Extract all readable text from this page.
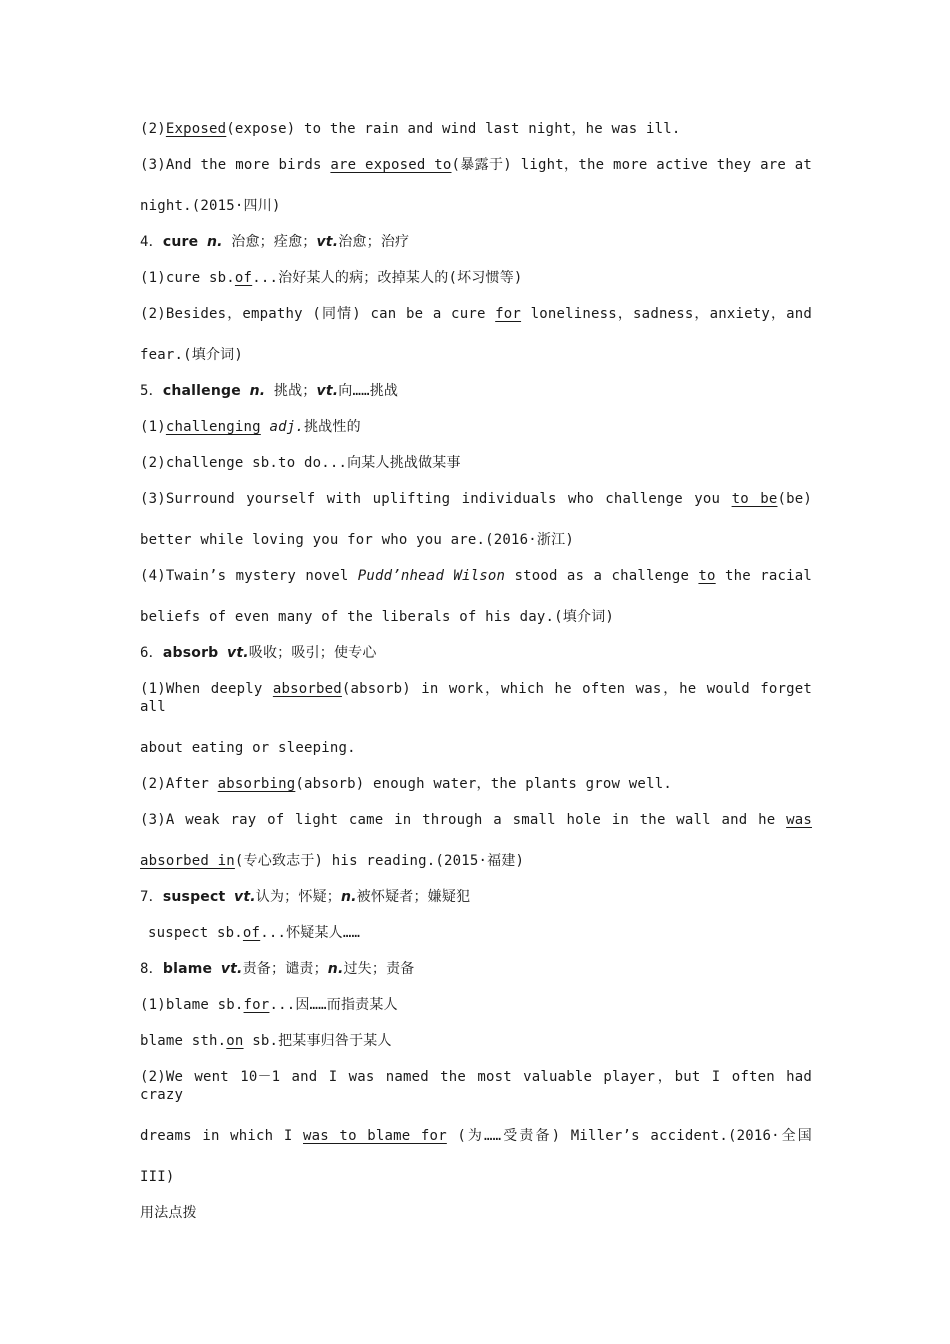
(2)Exposed(expose) to the rain and wind last night，he was ill.
(3)And the more birds are exposed to(暴露于) light，the more active they are at
night.(2015·四川)
4．cure n. 治愈；痊愈；vt.治愈；治疗
(1)cure sb.of...治好某人的病；改掉某人的(坏习惯等)
(2)Besides，empathy (同情) can be a cure for loneliness，sadness，anxiety，and
fear.(填介词)
5．challenge n. 挑战；vt.向……挑战
(1)challenging adj.挑战性的
(2)challenge sb.to do...向某人挑战做某事
(3)Surround yourself with uplifting individuals who challenge you to be(be)
better while loving you for who you are.(2016·浙江)
(4)Twain’s mystery novel Pudd’nhead Wilson stood as a challenge to the racial
beliefs of even many of the liberals of his day.(填介词)
6．absorb vt.吸收；吸引；使专心
(1)When deeply absorbed(absorb) in work，which he often was，he would forget all
about eating or sleeping.
(2)After absorbing(absorb) enough water，the plants grow well.
(3)A weak ray of light came in through a small hole in the wall and he was
absorbed in(专心致志于) his reading.(2015·福建)
7．suspect vt.认为；怀疑；n.被怀疑者；嫌疑犯
suspect sb.of...怀疑某人……
8．blame vt.责备；谴责；n.过失；责备
(1)blame sb.for...因……而指责某人
blame sth.on sb.把某事归咎于某人
(2)We went 10－1 and I was named the most valuable player，but I often had crazy
dreams in which I was to blame for (为……受责备) Miller’s accident.(2016·全国
III)
用法点拨
